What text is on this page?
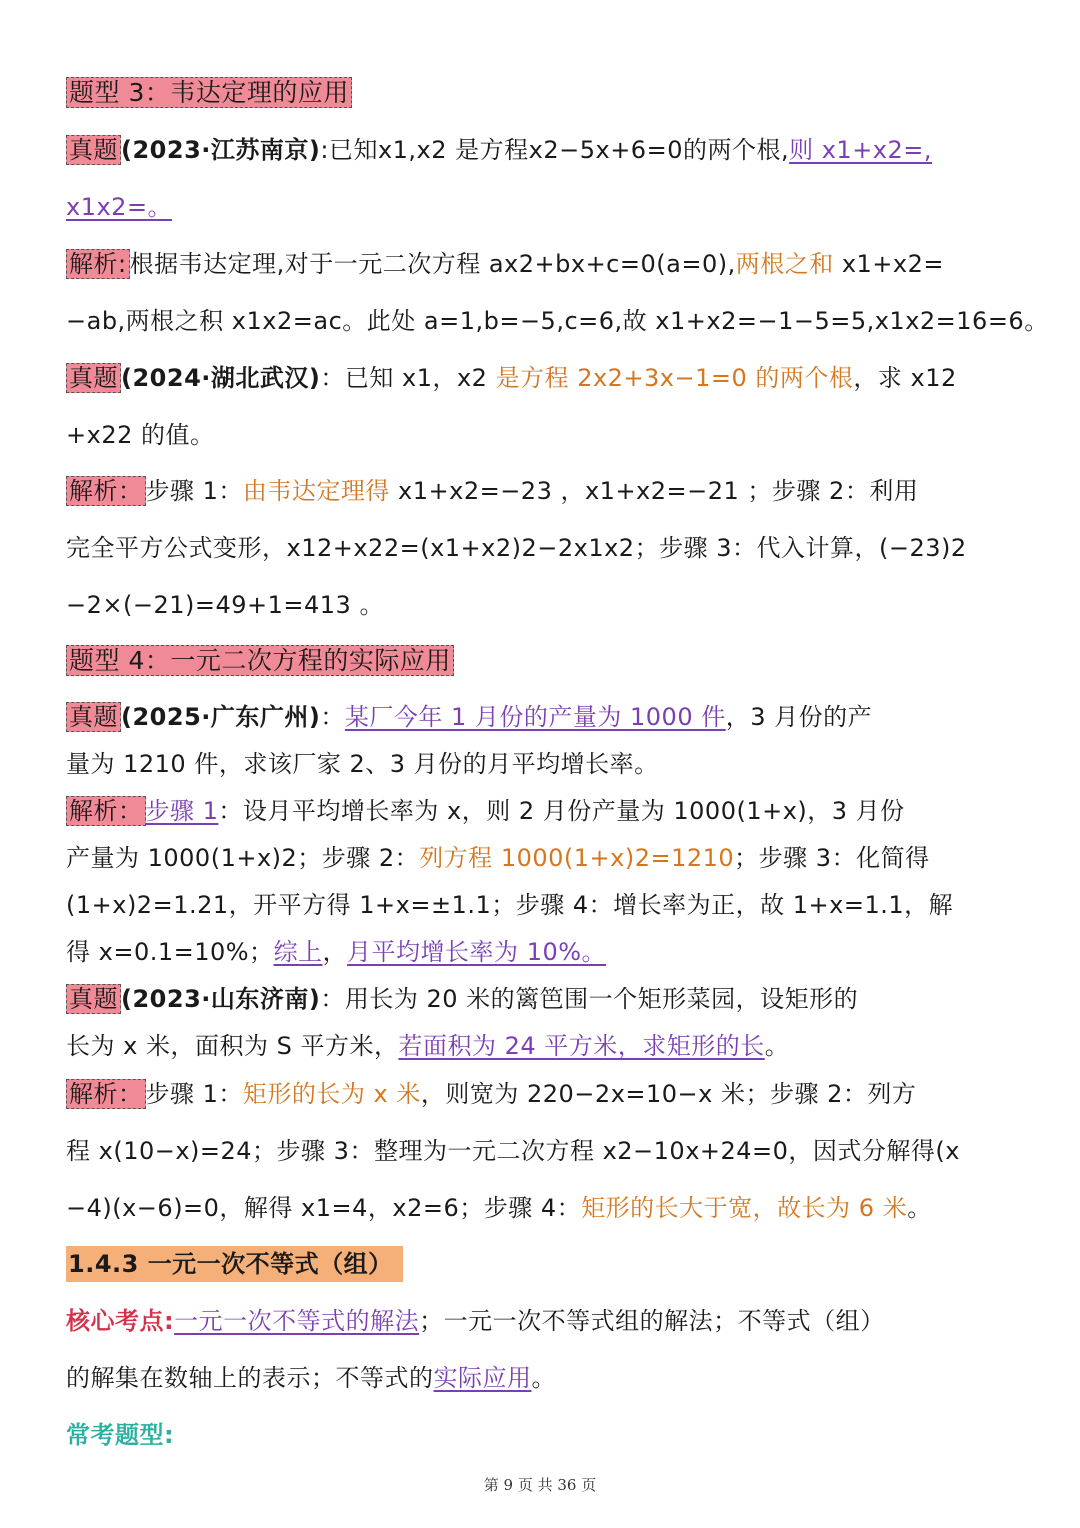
题型 3：韦达定理的应用
真题 (2023·江苏南京):已知x1,x2 是方程x2−5x+6=0的两个根,则 x1+x2=,
x1x2=。
解析: 根据韦达定理,对于一元二次方程 ax2+bx+c=0(a=0),两根之和 x1+x2=
−ab,两根之积 x1x2=ac。此处 a=1,b=−5,c=6,故 x1+x2=−1−5=5,x1x2=16=6。
真题 (2024·湖北武汉)：已知 x1，x2 是方程 2x2+3x−1=0 的两个根，求 x12
+x22 的值。
解析： 步骤 1：由韦达定理得 x1+x2=−23 ，x1+x2=−21 ；步骤 2：利用
完全平方公式变形，x12+x22=(x1+x2)2−2x1x2；步骤 3：代入计算，(−23)2
−2×(−21)=49+1=413 。
题型 4：一元二次方程的实际应用
真题 (2025·广东广州)：某厂今年 1 月份的产量为 1000 件，3 月份的产
量为 1210 件，求该厂家 2、3 月份的月平均增长率。
解析： 步骤 1：设月平均增长率为 x，则 2 月份产量为 1000(1+x)，3 月份
产量为 1000(1+x)2；步骤 2：列方程 1000(1+x)2=1210；步骤 3：化简得
(1+x)2=1.21，开平方得 1+x=±1.1；步骤 4：增长率为正，故 1+x=1.1，解
得 x=0.1=10%；综上，月平均增长率为 10%。
真题 (2023·山东济南)：用长为 20 米的篱笆围一个矩形菜园，设矩形的
长为 x 米，面积为 S 平方米，若面积为 24 平方米，求矩形的长。
解析： 步骤 1：矩形的长为 x 米，则宽为 220−2x=10−x 米；步骤 2：列方
程 x(10−x)=24；步骤 3：整理为一元二次方程 x2−10x+24=0，因式分解得(x
−4)(x−6)=0，解得 x1=4，x2=6；步骤 4：矩形的长大于宽，故长为 6 米。
1.4.3 一元一次不等式（组）
核心考点:一元一次不等式的解法；一元一次不等式组的解法；不等式（组）
的解集在数轴上的表示；不等式的实际应用。
常考题型:
第 9 页 共 36 页
